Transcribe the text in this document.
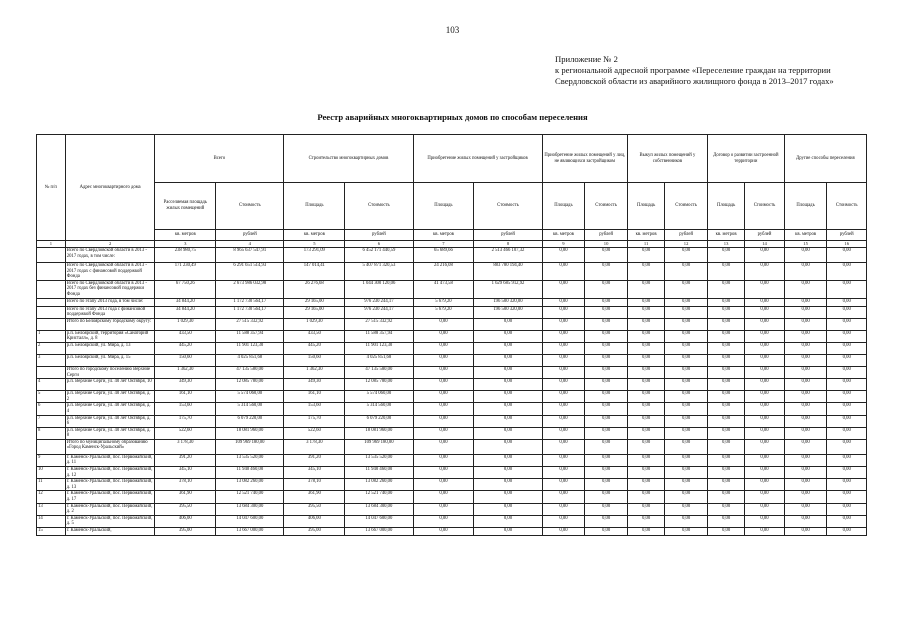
103
Приложение № 2
к региональной адресной программе «Переселение граждан на территории
Свердловской области из аварийного жилищного фонда в 2013–2017 годах»
Реестр аварийных многоквартирных домов по способам переселения
№ п/п	Адрес многоквартирного дома	Всего		Строительство многоквартирных домов		Приобретение жилых помещений у застройщиков		Приобретение жилых помещений у лиц, не являющихся застройщиком		Выкуп жилых помещений у собственников		Договор о развитии застроенной территории		Другие способы переселения	
		Расселяемая площадь жилых помещений	Стоимость	Площадь	Стоимость	Площадь	Стоимость	Площадь	Стоимость	Площадь	Стоимость	Площадь	Стоимость	Площадь	Стоимость
		кв. метров	рублей	кв. метров	рублей	кв. метров	рублей	кв. метров	рублей	кв. метров	рублей	кв. метров	рублей	кв. метров	рублей
1	2	3	4	5	6	7	8	9	10	11	12	13	14	15	16
	Всего по Свердловской области в 2013 - 2017 годах, в том числе:	238 980,75	8 965 637 547,91	173 291,09	6 452 171 440,59	65 689,66	2 513 466 107,32	0,00	0,00	0,00	0,00	0,00	0,00	0,00	0,00
	Всего по Свердловской области в 2013 - 2017 годах с финансовой поддержкой Фонда	171 230,49	6 291 651 514,93	147 014,41	5 407 871 320,53	24 216,08	883 780 194,40	0,00	0,00	0,00	0,00	0,00	0,00	0,00	0,00
	Всего по Свердловской области в 2013 - 2017 годах без финансовой поддержки Фонда	67 750,26	2 673 986 032,98	26 276,68	1 044 300 120,06	41 473,58	1 629 685 912,92	0,00	0,00	0,00	0,00	0,00	0,00	0,00	0,00
	Всего по этапу 2013 года, в том числе:	34 844,20	1 172 730 564,17	29 165,00	976 230 244,17	5 679,20	196 500 320,00	0,00	0,00	0,00	0,00	0,00	0,00	0,00	0,00
	Всего по этапу 2013 года с финансовой поддержкой Фонда	34 844,20	1 172 730 564,17	29 165,00	976 230 244,17	5 679,20	196 500 320,00	0,00	0,00	0,00	0,00	0,00	0,00	0,00	0,00
	Итого по Белоярскому городскому округу:	1 029,30	27 515 332,92	1 029,30	27 515 332,92	0,00	0,00	0,00	0,00	0,00	0,00	0,00	0,00	0,00	0,00
1	р.п. Белоярский, территория «Санаторий Кристалл», д. 8	433,50	11 588 357,94	433,50	11 588 357,94	0,00	0,00	0,00	0,00	0,00	0,00	0,00	0,00	0,00	0,00
2	р.п. Белоярский, ул. Мира, д. 13	445,20	11 901 123,30	445,20	11 901 123,30	0,00	0,00	0,00	0,00	0,00	0,00	0,00	0,00	0,00	0,00
3	р.п. Белоярский, ул. Мира, д. 15	150,60	4 025 851,68	150,60	4 025 851,68	0,00	0,00	0,00	0,00	0,00	0,00	0,00	0,00	0,00	0,00
	Итого по городскому поселению Верхние Серги	1 362,30	47 135 580,00	1 362,30	47 135 580,00	0,00	0,00	0,00	0,00	0,00	0,00	0,00	0,00	0,00	0,00
4	р.п. Верхние Серги, ул. 40 лет Октября, 10	349,30	12 085 780,00	349,30	12 085 780,00	0,00	0,00	0,00	0,00	0,00	0,00	0,00	0,00	0,00	0,00
5	р.п. Верхние Серги, ул. 40 лет Октября, д. 2	161,10	5 574 060,00	161,10	5 574 060,00	0,00	0,00	0,00	0,00	0,00	0,00	0,00	0,00	0,00	0,00
6	р.п. Верхние Серги, ул. 40 лет Октября, д. 4	153,60	5 314 560,00	153,60	5 314 560,00	0,00	0,00	0,00	0,00	0,00	0,00	0,00	0,00	0,00	0,00
7	р.п. Верхние Серги, ул. 40 лет Октября, д. 6	175,70	6 079 220,00	175,70	6 079 220,00	0,00	0,00	0,00	0,00	0,00	0,00	0,00	0,00	0,00	0,00
8	р.п. Верхние Серги, ул. 40 лет Октября, д. 8	522,60	18 081 960,00	522,60	18 081 960,00	0,00	0,00	0,00	0,00	0,00	0,00	0,00	0,00	0,00	0,00
	Итого по муниципальному образованию «Город Каменск-Уральский»	3 178,30	109 969 180,00	3 178,30	109 969 180,00	0,00	0,00	0,00	0,00	0,00	0,00	0,00	0,00	0,00	0,00
9	г. Каменск-Уральский, пос. Первомайский, д. 11	391,20	13 535 520,00	391,20	13 535 520,00	0,00	0,00	0,00	0,00	0,00	0,00	0,00	0,00	0,00	0,00
10	г. Каменск-Уральский, пос. Первомайский, д. 12	345,10	11 940 460,00	345,10	11 940 460,00	0,00	0,00	0,00	0,00	0,00	0,00	0,00	0,00	0,00	0,00
11	г. Каменск-Уральский, пос. Первомайский, д. 13	378,10	13 082 260,00	378,10	13 082 260,00	0,00	0,00	0,00	0,00	0,00	0,00	0,00	0,00	0,00	0,00
12	г. Каменск-Уральский, пос. Первомайский, д. 17	361,90	12 521 740,00	361,90	12 521 740,00	0,00	0,00	0,00	0,00	0,00	0,00	0,00	0,00	0,00	0,00
13	г. Каменск-Уральский, пос. Первомайский, д. 2	395,50	13 684 300,00	395,50	13 684 300,00	0,00	0,00	0,00	0,00	0,00	0,00	0,00	0,00	0,00	0,00
14	г. Каменск-Уральский, пос. Первомайский, д. 5	406,00	14 047 600,00	406,00	14 047 600,00	0,00	0,00	0,00	0,00	0,00	0,00	0,00	0,00	0,00	0,00
15	г. Каменск-Уральский,	395,00	13 667 000,00	395,00	13 667 000,00	0,00	0,00	0,00	0,00	0,00	0,00	0,00	0,00	0,00	0,00
